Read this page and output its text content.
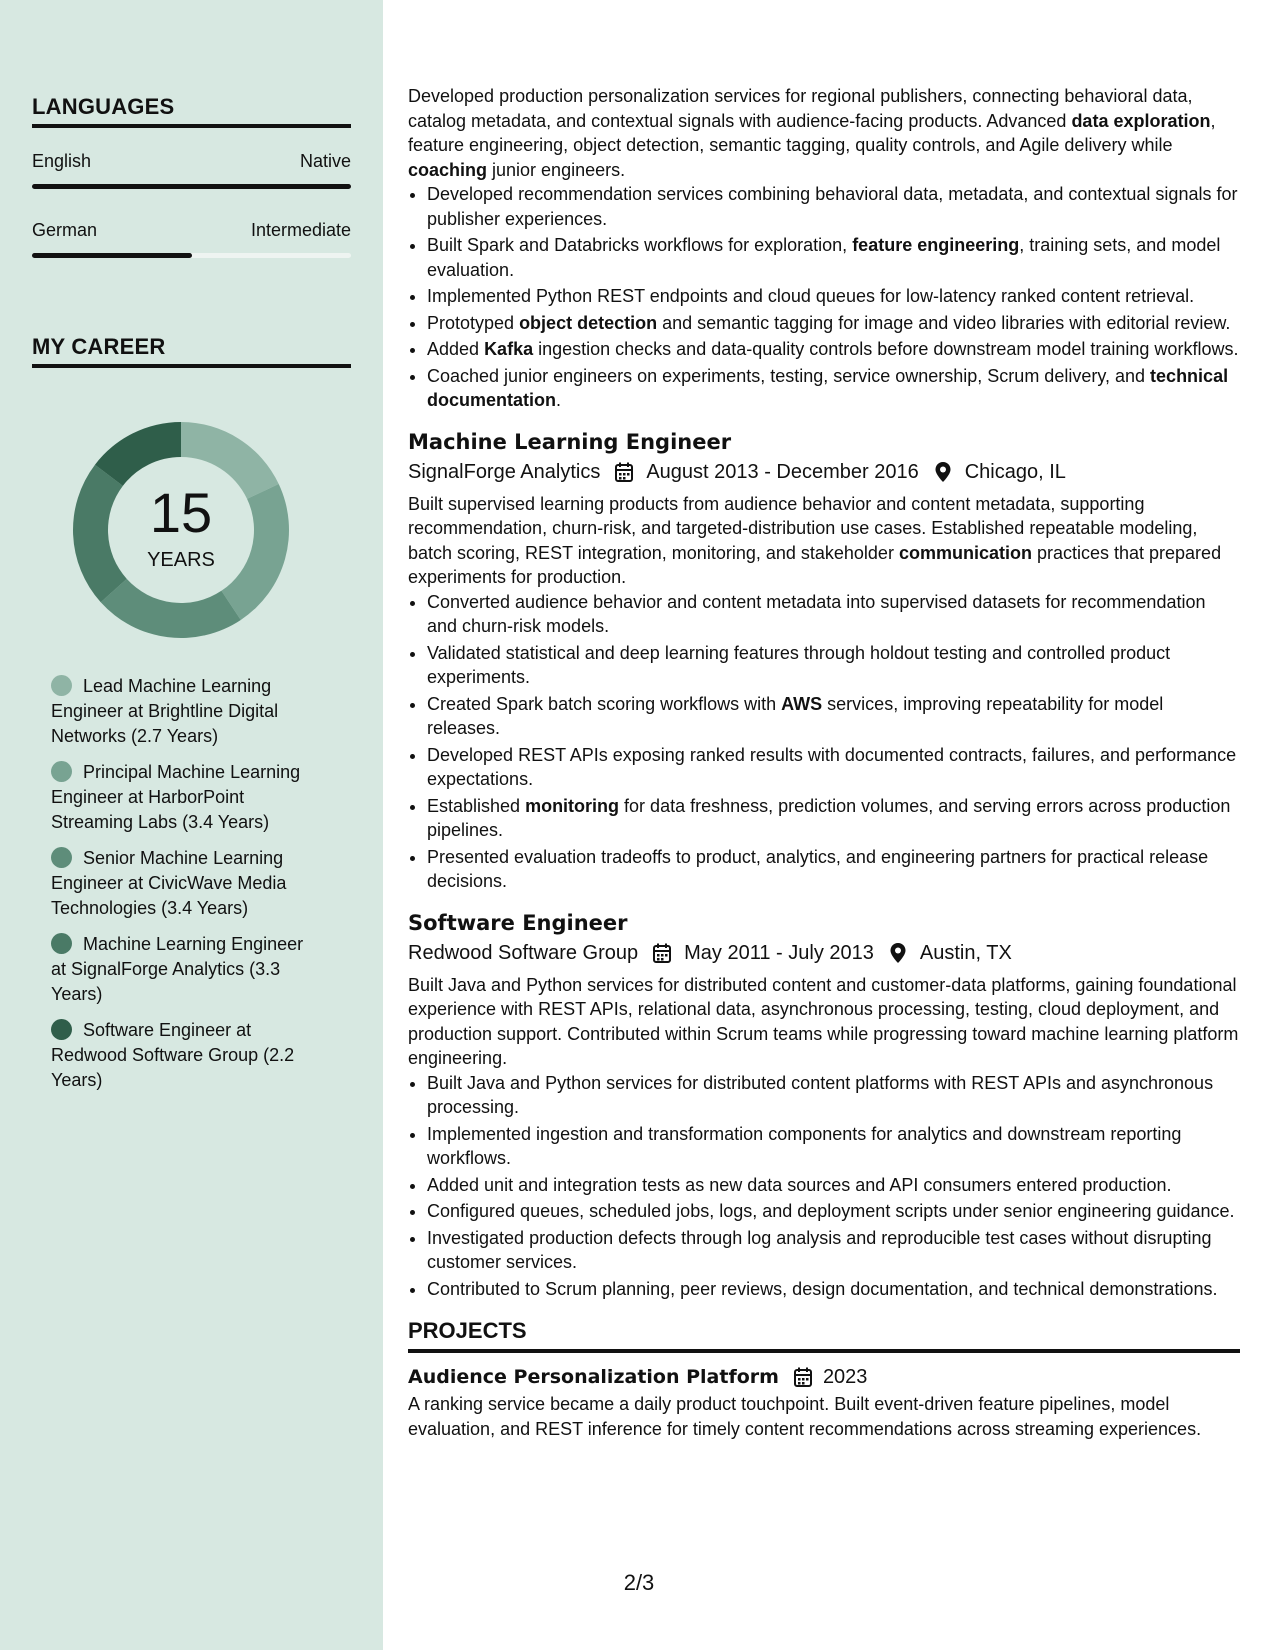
LANGUAGES
English	Native
German	Intermediate
MY CAREER
15
YEARS
Lead Machine Learning Engineer at Brightline Digital Networks (2.7 Years)
Principal Machine Learning Engineer at HarborPoint Streaming Labs (3.4 Years)
Senior Machine Learning Engineer at CivicWave Media Technologies (3.4 Years)
Machine Learning Engineer at SignalForge Analytics (3.3 Years)
Software Engineer at Redwood Software Group (2.2 Years)

Developed production personalization services for regional publishers, connecting behavioral data, catalog metadata, and contextual signals with audience-facing products. Advanced data exploration, feature engineering, object detection, semantic tagging, quality controls, and Agile delivery while coaching junior engineers.

• Developed recommendation services combining behavioral data, metadata, and contextual signals for publisher experiences.
• Built Spark and Databricks workflows for exploration, feature engineering, training sets, and model evaluation.
• Implemented Python REST endpoints and cloud queues for low-latency ranked content retrieval.
• Prototyped object detection and semantic tagging for image and video libraries with editorial review.
• Added Kafka ingestion checks and data-quality controls before downstream model training workflows.
• Coached junior engineers on experiments, testing, service ownership, Scrum delivery, and technical documentation.
Machine Learning Engineer
SignalForge Analytics August 2013 - December 2016 Chicago, IL

Built supervised learning products from audience behavior and content metadata, supporting recommendation, churn-risk, and targeted-distribution use cases. Established repeatable modeling, batch scoring, REST integration, monitoring, and stakeholder communication practices that prepared experiments for production.

• Converted audience behavior and content metadata into supervised datasets for recommendation and churn-risk models.
• Validated statistical and deep learning features through holdout testing and controlled product experiments.
• Created Spark batch scoring workflows with AWS services, improving repeatability for model releases.
• Developed REST APIs exposing ranked results with documented contracts, failures, and performance expectations.
• Established monitoring for data freshness, prediction volumes, and serving errors across production pipelines.
• Presented evaluation tradeoffs to product, analytics, and engineering partners for practical release decisions.
Software Engineer
Redwood Software Group May 2011 - July 2013 Austin, TX

Built Java and Python services for distributed content and customer-data platforms, gaining foundational experience with REST APIs, relational data, asynchronous processing, testing, cloud deployment, and production support. Contributed within Scrum teams while progressing toward machine learning platform engineering.

• Built Java and Python services for distributed content platforms with REST APIs and asynchronous processing.
• Implemented ingestion and transformation components for analytics and downstream reporting workflows.
• Added unit and integration tests as new data sources and API consumers entered production.
• Configured queues, scheduled jobs, logs, and deployment scripts under senior engineering guidance.
• Investigated production defects through log analysis and reproducible test cases without disrupting customer services.
• Contributed to Scrum planning, peer reviews, design documentation, and technical demonstrations.
PROJECTS
Audience Personalization Platform 2023

A ranking service became a daily product touchpoint. Built event-driven feature pipelines, model evaluation, and REST inference for timely content recommendations across streaming experiences.

2/3
